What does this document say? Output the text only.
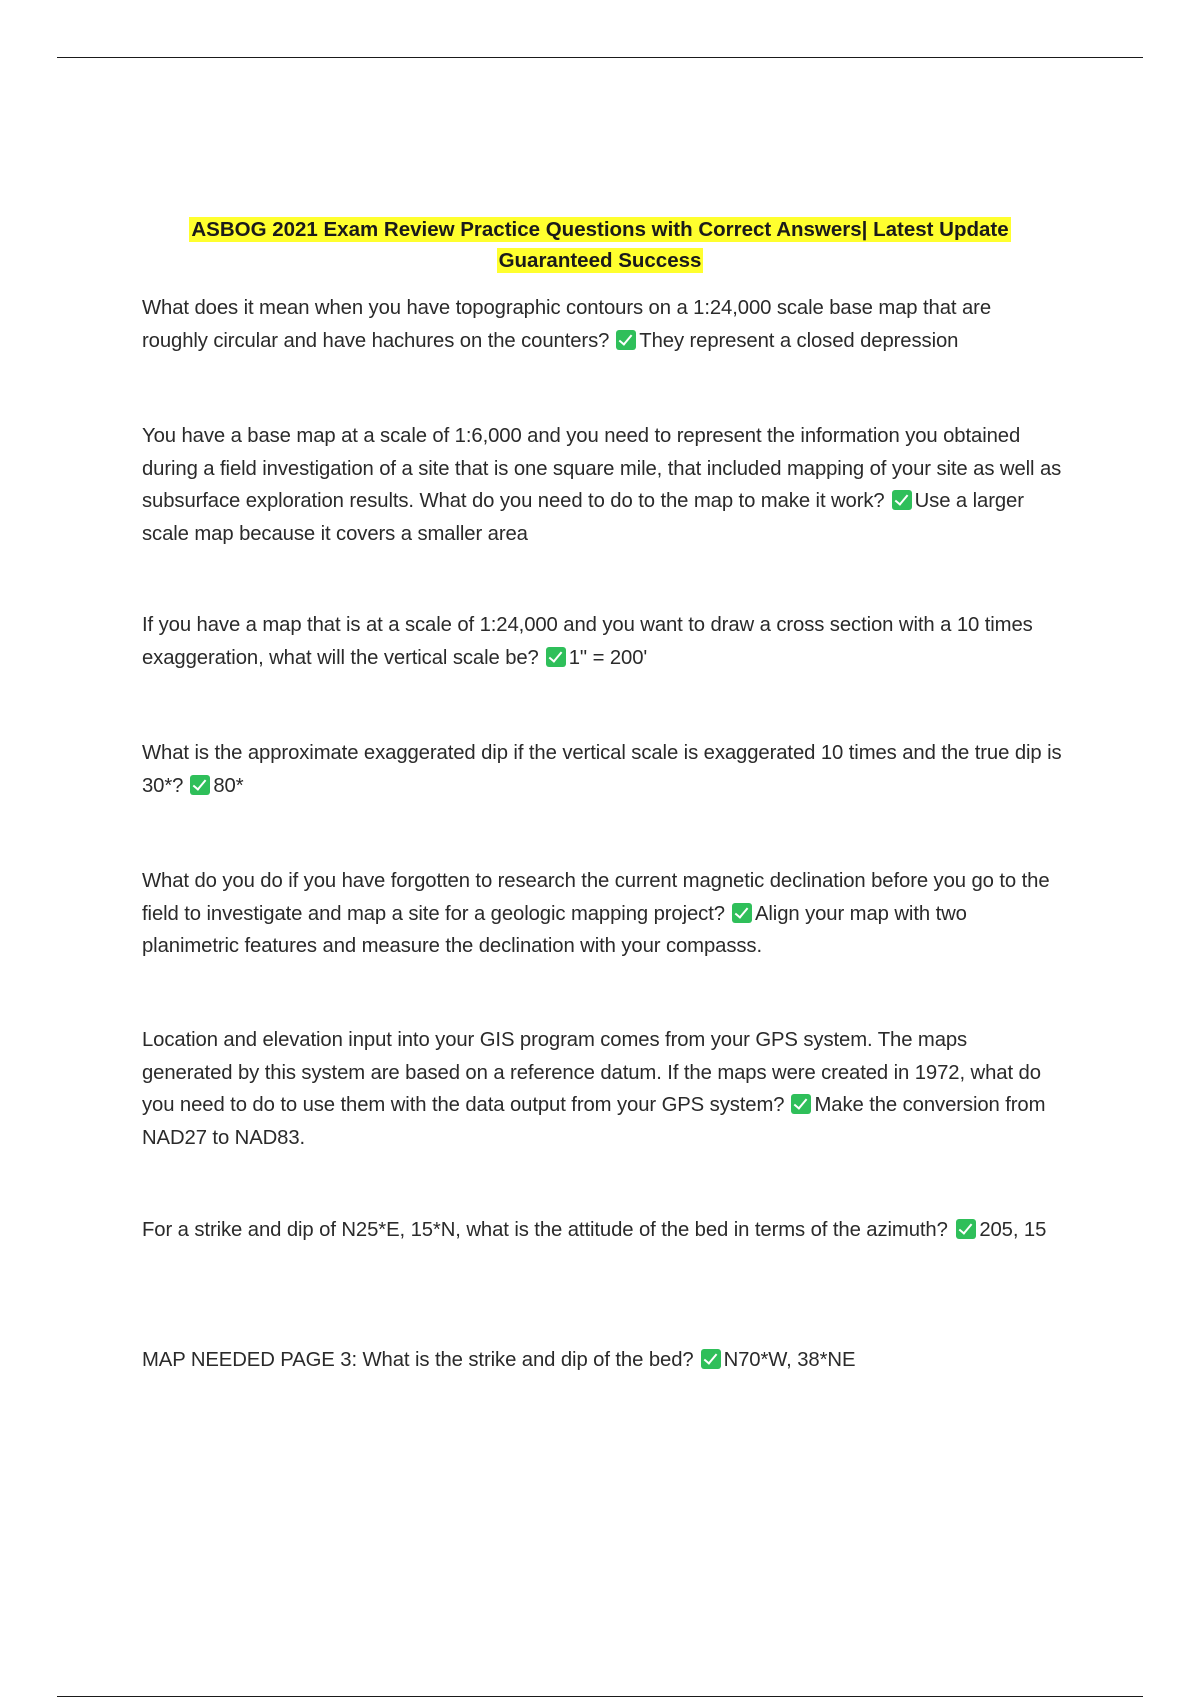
ASBOG 2021 Exam Review Practice Questions with Correct Answers| Latest Update
Guaranteed Success
What does it mean when you have topographic contours on a 1:24,000 scale base map that are roughly circular and have hachures on the counters? They represent a closed depression
You have a base map at a scale of 1:6,000 and you need to represent the information you obtained during a field investigation of a site that is one square mile, that included mapping of your site as well as subsurface exploration results. What do you need to do to the map to make it work? Use a larger scale map because it covers a smaller area
If you have a map that is at a scale of 1:24,000 and you want to draw a cross section with a 10 times exaggeration, what will the vertical scale be? 1" = 200'
What is the approximate exaggerated dip if the vertical scale is exaggerated 10 times and the true dip is 30*? 80*
What do you do if you have forgotten to research the current magnetic declination before you go to the field to investigate and map a site for a geologic mapping project? Align your map with two planimetric features and measure the declination with your compasss.
Location and elevation input into your GIS program comes from your GPS system. The maps generated by this system are based on a reference datum. If the maps were created in 1972, what do you need to do to use them with the data output from your GPS system? Make the conversion from NAD27 to NAD83.
For a strike and dip of N25*E, 15*N, what is the attitude of the bed in terms of the azimuth? 205, 15
MAP NEEDED PAGE 3: What is the strike and dip of the bed? N70*W, 38*NE
